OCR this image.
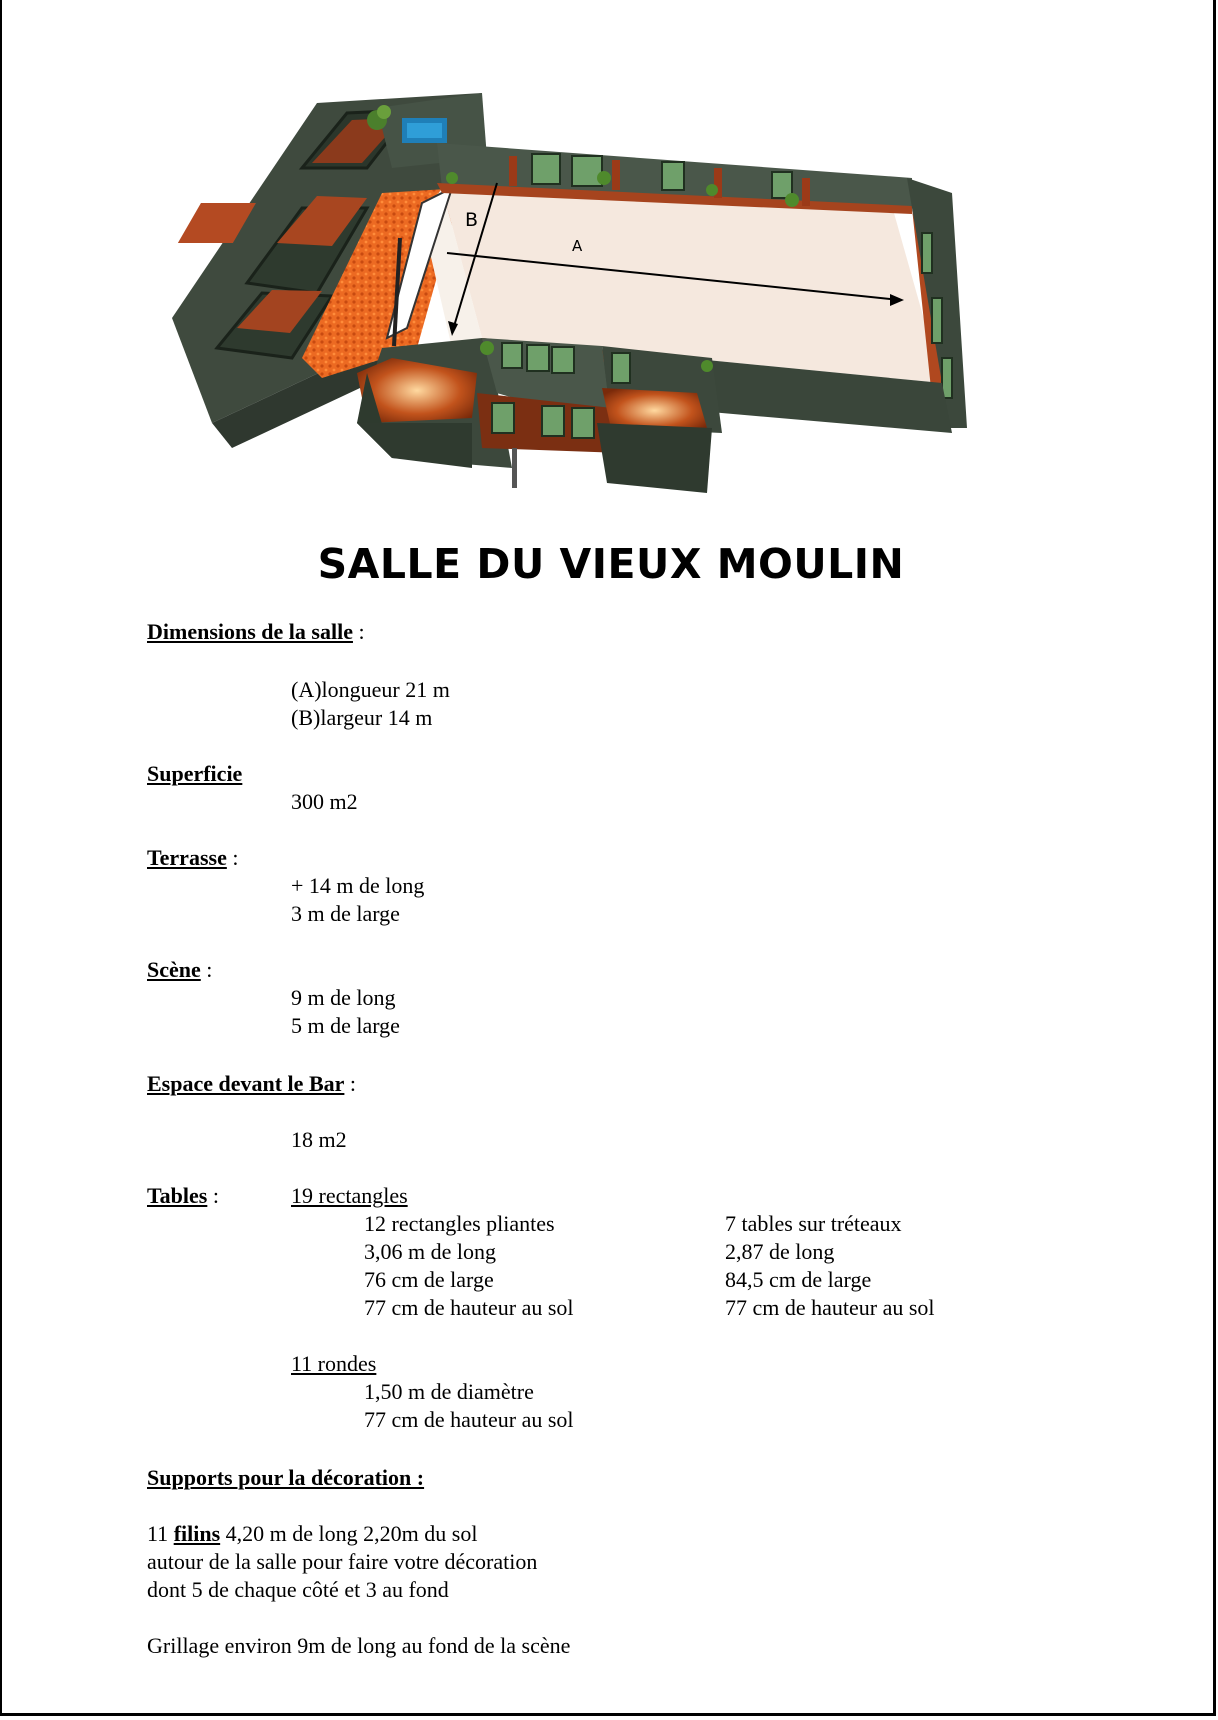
B
A
SALLE DU VIEUX MOULIN
Dimensions de la salle :
(A)longueur 21 m
(B)largeur 14 m
Superficie
300 m2
Terrasse :
+ 14 m de long
3 m de large
Scène :
9 m de long
5 m de large
Espace devant le Bar :
18 m2
Tables :	19 rectangles
12 rectangles pliantes
3,06 m de long
76 cm de large
77 cm de hauteur au sol
7 tables sur tréteaux
2,87 de long
84,5 cm de large
77 cm de hauteur au sol
11 rondes
1,50 m de diamètre
77 cm de hauteur au sol
Supports pour la décoration :
11 filins 4,20 m de long 2,20m du sol
autour de la salle pour faire votre décoration
dont 5 de chaque côté et 3 au fond
Grillage environ 9m de long au fond de la scène
